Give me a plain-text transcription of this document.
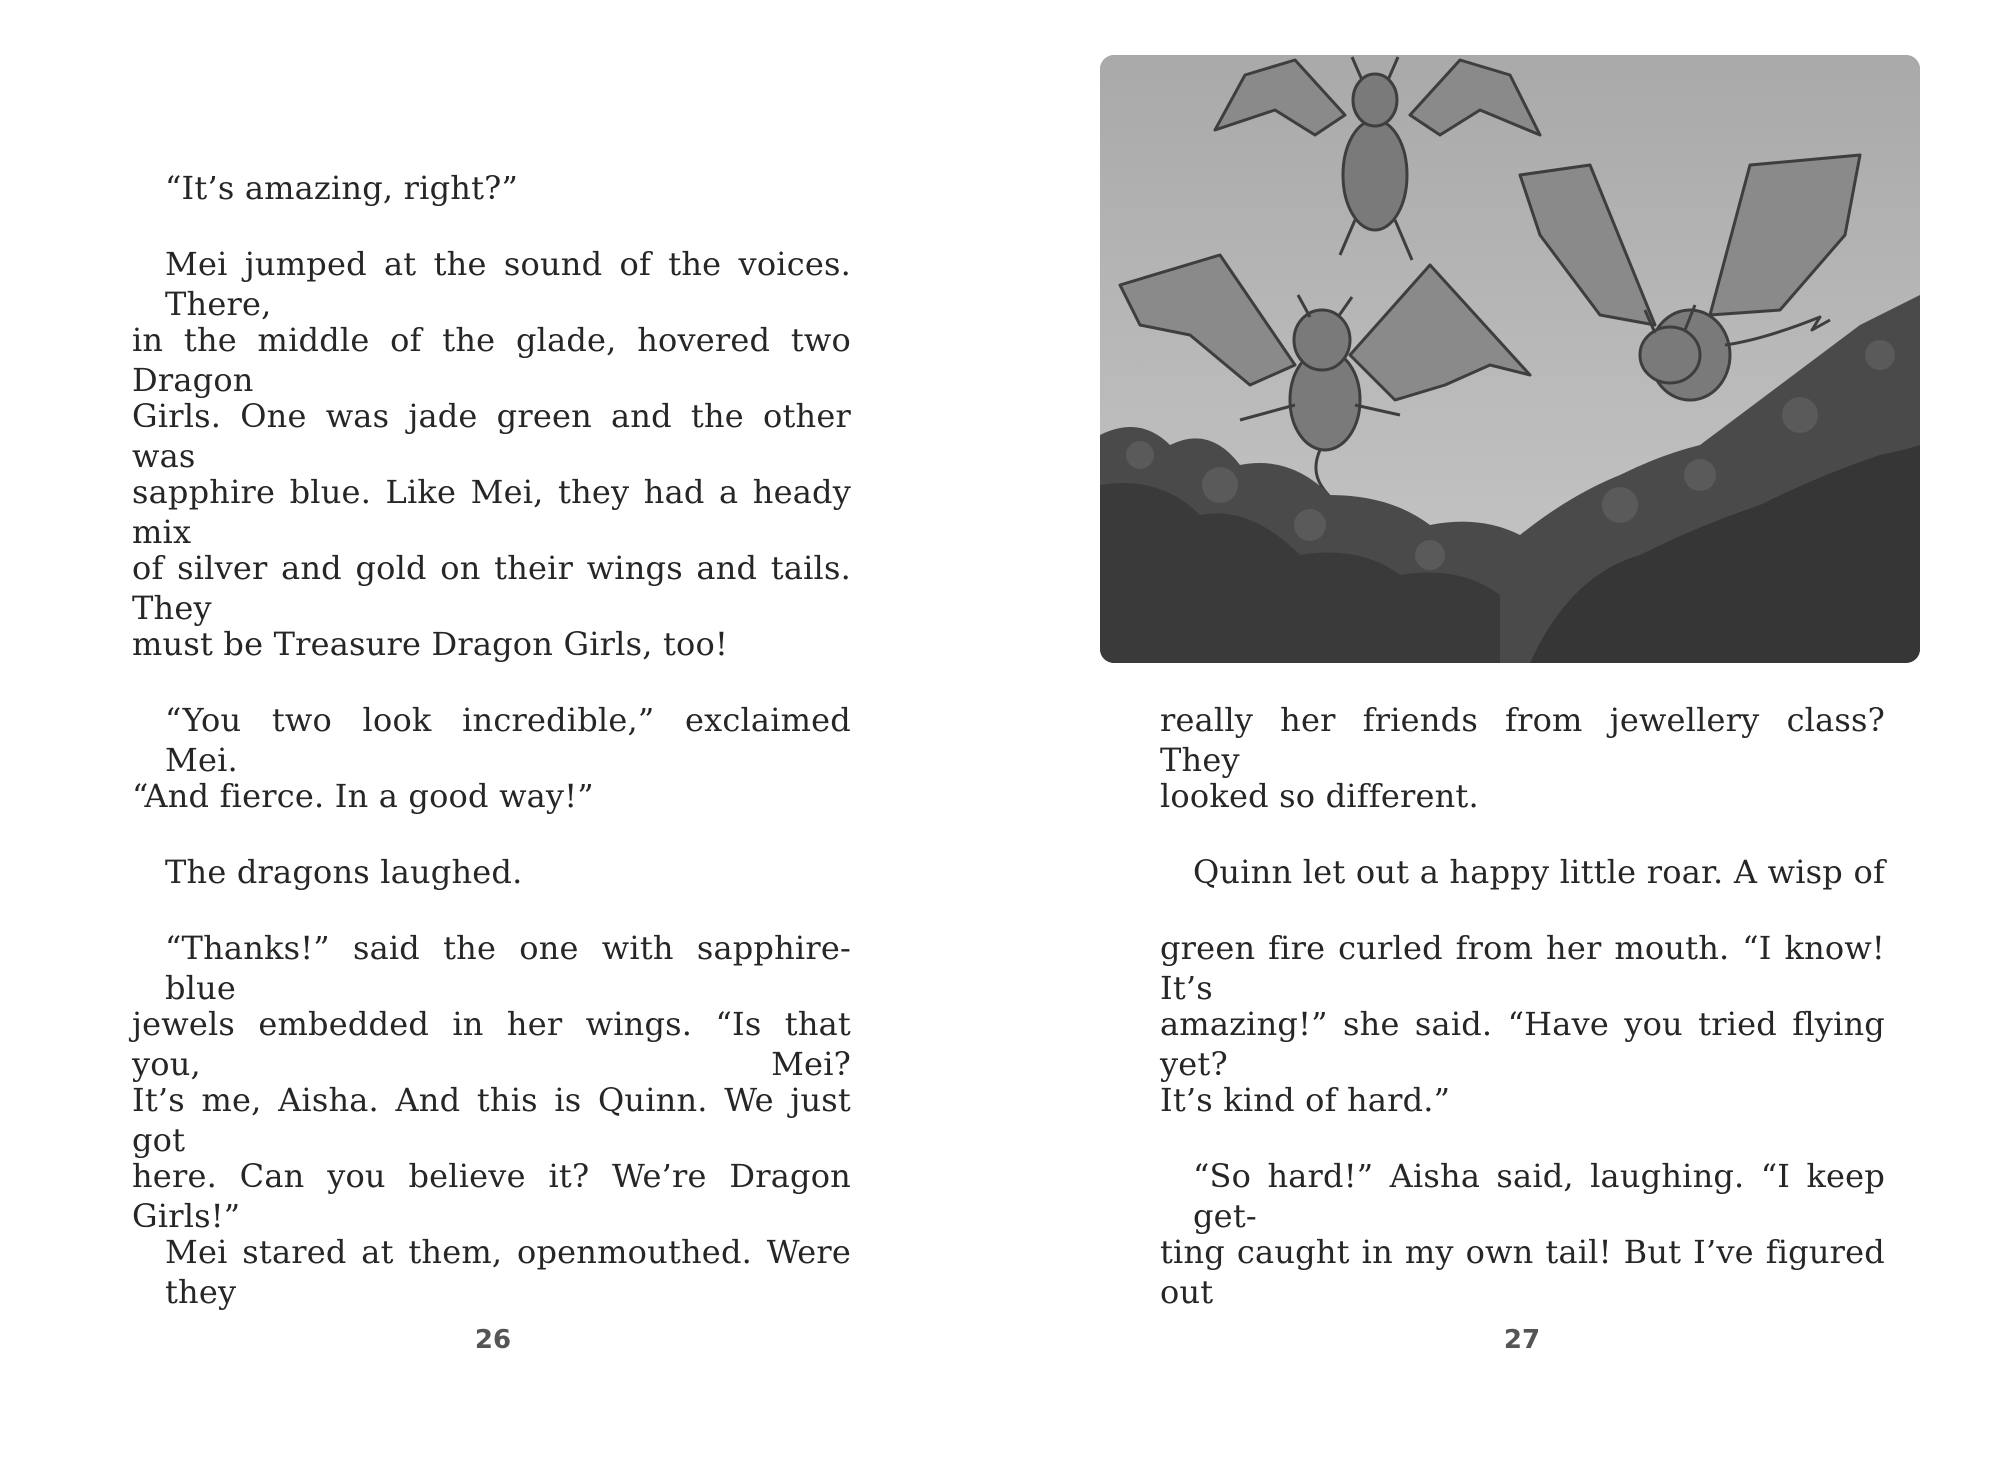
“It’s amazing, right?”
Mei jumped at the sound of the voices. There,
in the middle of the glade, hovered two Dragon
Girls. One was jade green and the other was
sapphire blue. Like Mei, they had a heady mix
of silver and gold on their wings and tails. They
must be Treasure Dragon Girls, too!
“You two look incredible,” exclaimed Mei.
“And fierce. In a good way!”
The dragons laughed.
“Thanks!” said the one with sapphire-blue
jewels embedded in her wings. “Is that you, Mei?
It’s me, Aisha. And this is Quinn. We just got
here. Can you believe it? We’re Dragon Girls!”
Mei stared at them, openmouthed. Were they
26
really her friends from jewellery class? They
looked so different.
Quinn let out a happy little roar. A wisp of
green fire curled from her mouth. “I know! It’s
amazing!” she said. “Have you tried flying yet?
It’s kind of hard.”
“So hard!” Aisha said, laughing. “I keep get-
ting caught in my own tail! But I’ve figured out
27
